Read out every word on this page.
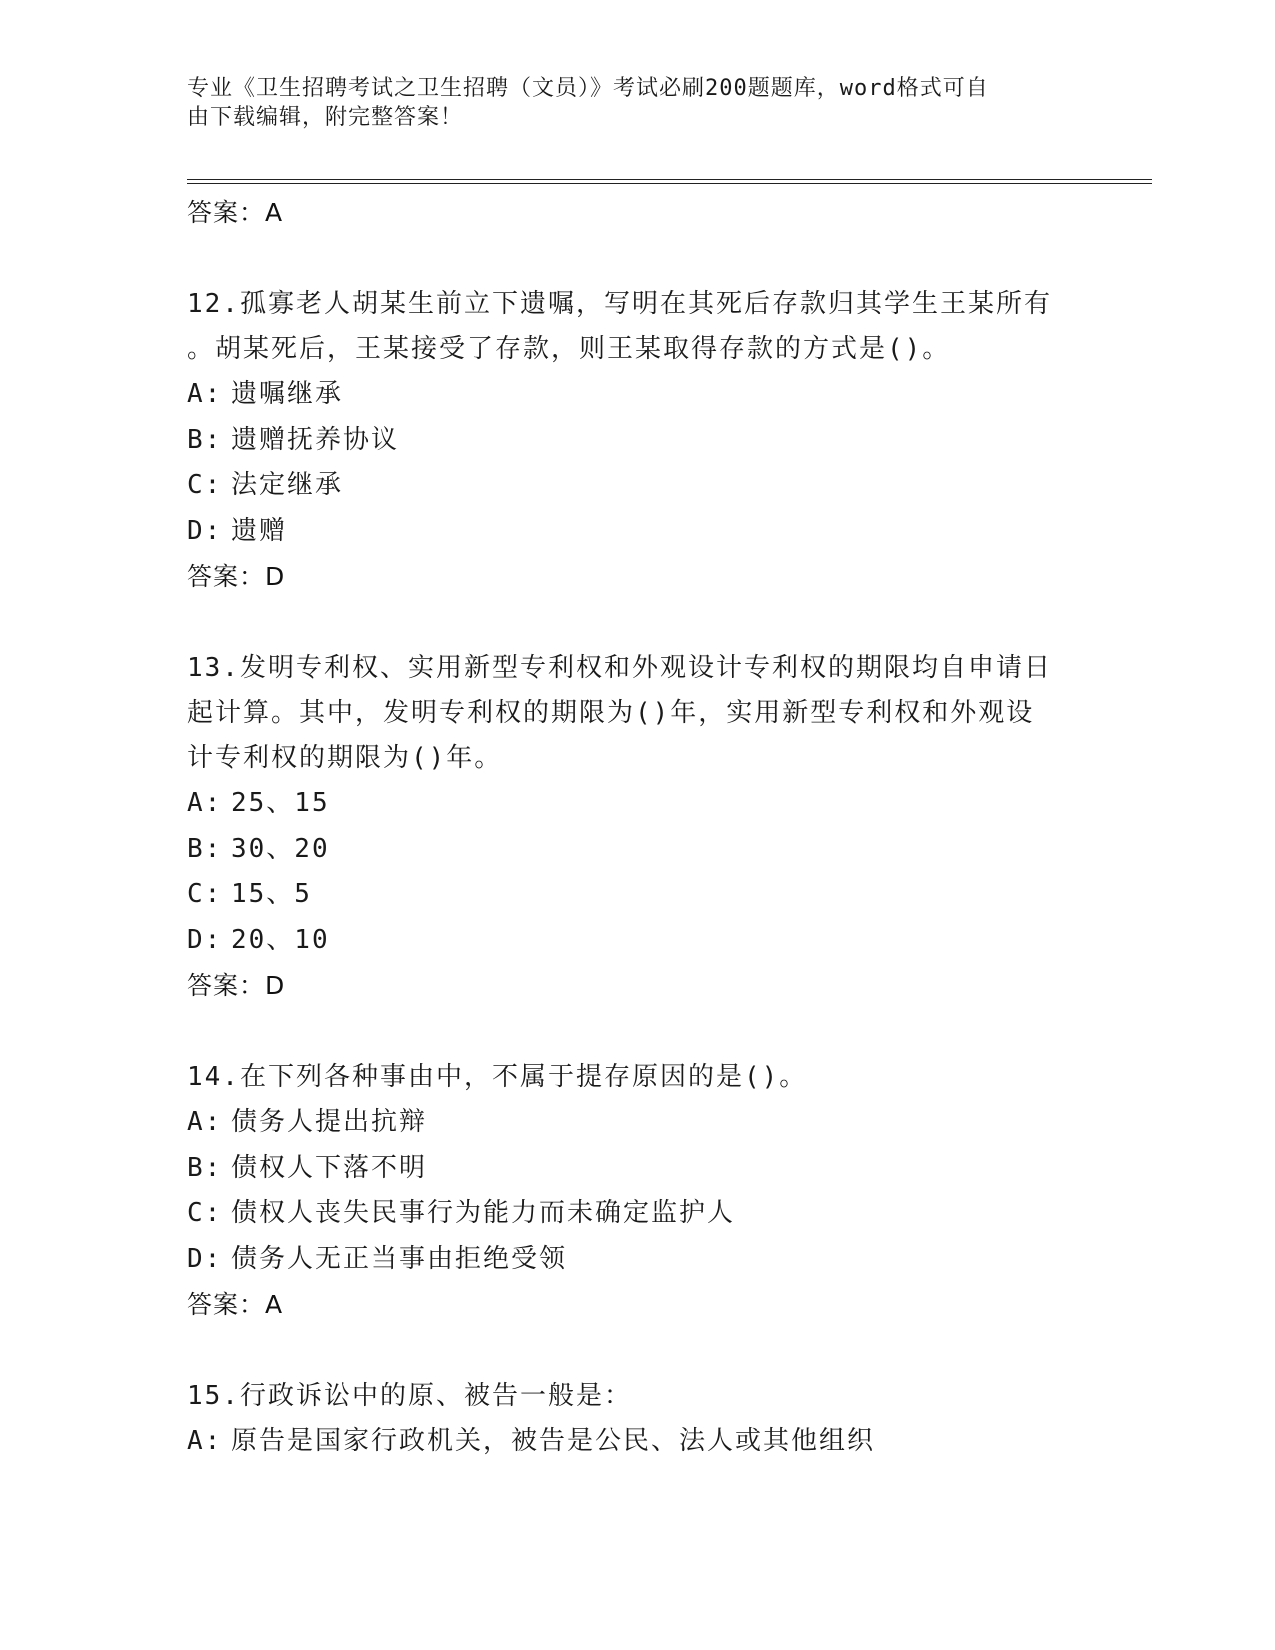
专业《卫生招聘考试之卫生招聘（文员）》考试必刷200题题库，word格式可自
由下载编辑，附完整答案！
答案：A
12.孤寡老人胡某生前立下遗嘱，写明在其死后存款归其学生王某所有
。胡某死后，王某接受了存款，则王某取得存款的方式是()。
A: 遗嘱继承
B: 遗赠抚养协议
C: 法定继承
D: 遗赠
答案：D
13.发明专利权、实用新型专利权和外观设计专利权的期限均自申请日
起计算。其中，发明专利权的期限为()年，实用新型专利权和外观设
计专利权的期限为()年。
A: 25、15
B: 30、20
C: 15、5
D: 20、10
答案：D
14.在下列各种事由中，不属于提存原因的是()。
A: 债务人提出抗辩
B: 债权人下落不明
C: 债权人丧失民事行为能力而未确定监护人
D: 债务人无正当事由拒绝受领
答案：A
15.行政诉讼中的原、被告一般是：
A: 原告是国家行政机关，被告是公民、法人或其他组织
